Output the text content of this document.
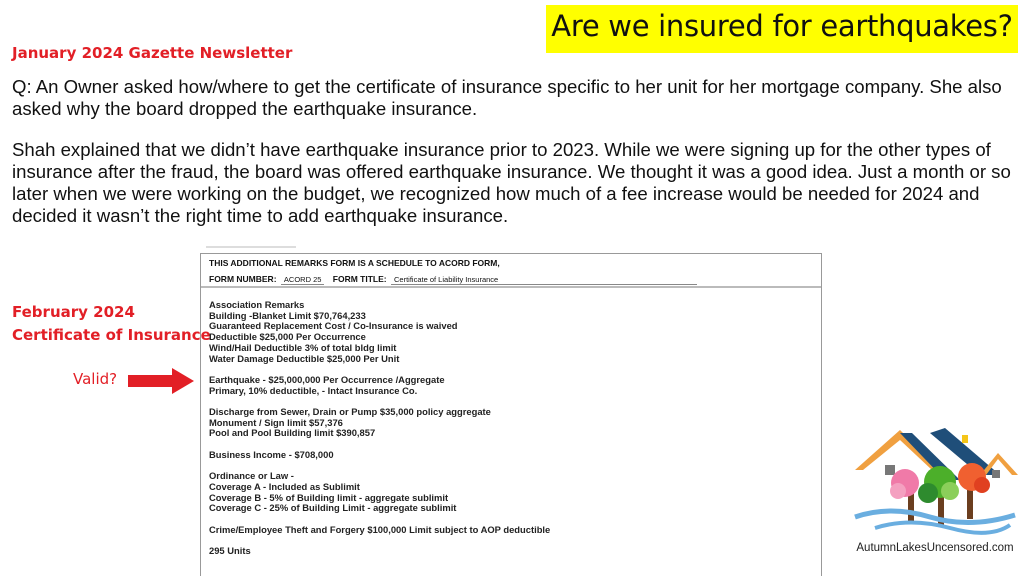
Are we insured for earthquakes?
January 2024 Gazette Newsletter
Q: An Owner asked how/where to get the certificate of insurance specific to her unit for her mortgage company. She also asked why the board dropped the earthquake insurance.
Shah explained that we didn’t have earthquake insurance prior to 2023. While we were signing up for the other types of insurance after the fraud, the board was offered earthquake insurance. We thought it was a good idea. Just a month or so later when we were working on the budget, we recognized how much of a fee increase would be needed for 2024 and decided it wasn’t the right time to add earthquake insurance.
February 2024
Certificate of Insurance
Valid?
THIS ADDITIONAL REMARKS FORM IS A SCHEDULE TO ACORD FORM,
FORM NUMBER: ACORD 25 FORM TITLE: Certificate of Liability Insurance
Association Remarks
Building -Blanket Limit $70,764,233
Guaranteed Replacement Cost / Co-Insurance is waived
Deductible $25,000 Per Occurrence
Wind/Hail Deductible 3% of total bldg limit
Water Damage Deductible $25,000 Per Unit
Earthquake - $25,000,000 Per Occurrence /Aggregate
Primary, 10% deductible, - Intact Insurance Co.
Discharge from Sewer, Drain or Pump $35,000 policy aggregate
Monument / Sign limit $57,376
Pool and Pool Building limit $390,857
Business Income - $708,000
Ordinance or Law -
Coverage A - Included as Sublimit
Coverage B - 5% of Building limit - aggregate sublimit
Coverage C - 25% of Building Limit - aggregate sublimit
Crime/Employee Theft and Forgery $100,000 Limit subject to AOP deductible
295 Units	AutumnLakesUncensored.com
